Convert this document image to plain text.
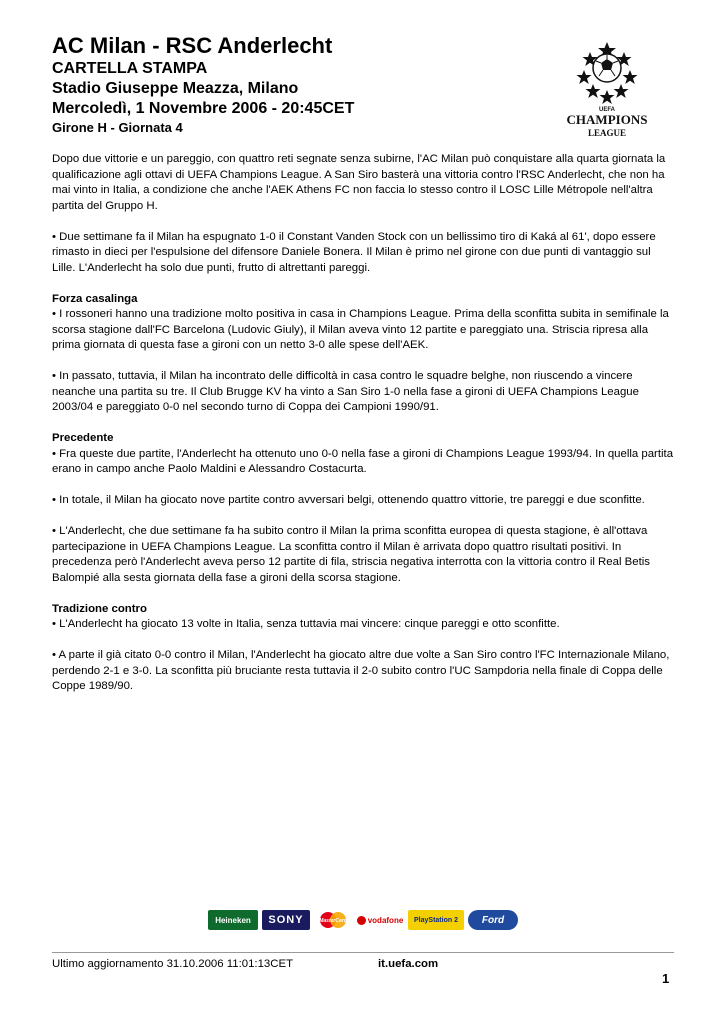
AC Milan - RSC Anderlecht
CARTELLA STAMPA
Stadio Giuseppe Meazza, Milano
Mercoledì, 1 Novembre 2006 - 20:45CET
Girone H - Giornata 4
UEFA
CHAMPIONS
LEAGUE

Dopo due vittorie e un pareggio, con quattro reti segnate senza subirne, l'AC Milan può conquistare alla quarta giornata la qualificazione agli ottavi di UEFA Champions League. A San Siro basterà una vittoria contro l'RSC Anderlecht, che non ha mai vinto in Italia, a condizione che anche l'AEK Athens FC non faccia lo stesso contro il LOSC Lille Métropole nell'altra partita del Gruppo H.

• Due settimane fa il Milan ha espugnato 1-0 il Constant Vanden Stock con un bellissimo tiro di Kaká al 61', dopo essere rimasto in dieci per l'espulsione del difensore Daniele Bonera. Il Milan è primo nel girone con due punti di vantaggio sul Lille. L'Anderlecht ha solo due punti, frutto di altrettanti pareggi.

Forza casalinga

• I rossoneri hanno una tradizione molto positiva in casa in Champions League. Prima della sconfitta subita in semifinale la scorsa stagione dall'FC Barcelona (Ludovic Giuly), il Milan aveva vinto 12 partite e pareggiato una. Striscia ripresa alla prima giornata di questa fase a gironi con un netto 3-0 alle spese dell'AEK.

• In passato, tuttavia, il Milan ha incontrato delle difficoltà in casa contro le squadre belghe, non riuscendo a vincere neanche una partita su tre. Il Club Brugge KV ha vinto a San Siro 1-0 nella fase a gironi di UEFA Champions League 2003/04 e pareggiato 0-0 nel secondo turno di Coppa dei Campioni 1990/91.

Precedente

• Fra queste due partite, l'Anderlecht ha ottenuto uno 0-0 nella fase a gironi di Champions League 1993/94. In quella partita erano in campo anche Paolo Maldini e Alessandro Costacurta.

• In totale, il Milan ha giocato nove partite contro avversari belgi, ottenendo quattro vittorie, tre pareggi e due sconfitte.

• L'Anderlecht, che due settimane fa ha subito contro il Milan la prima sconfitta europea di questa stagione, è all'ottava partecipazione in UEFA Champions League. La sconfitta contro il Milan è arrivata dopo quattro risultati positivi. In precedenza però l'Anderlecht aveva perso 12 partite di fila, striscia negativa interrotta con la vittoria contro il Real Betis Balompié alla sesta giornata della fase a gironi della scorsa stagione.

Tradizione contro

• L'Anderlecht ha giocato 13 volte in Italia, senza tuttavia mai vincere: cinque pareggi e otto sconfitte.

• A parte il già citato 0-0 contro il Milan, l'Anderlecht ha giocato altre due volte a San Siro contro l'FC Internazionale Milano, perdendo 2-1 e 3-0. La sconfitta più bruciante resta tuttavia il 2-0 subito contro l'UC Sampdoria nella finale di Coppa delle Coppe 1989/90.

Heineken	SONY	MasterCard	vodafone	PlayStation 2	Ford
Ultimo aggiornamento 31.10.2006 11:01:13CET	it.uefa.com
1
